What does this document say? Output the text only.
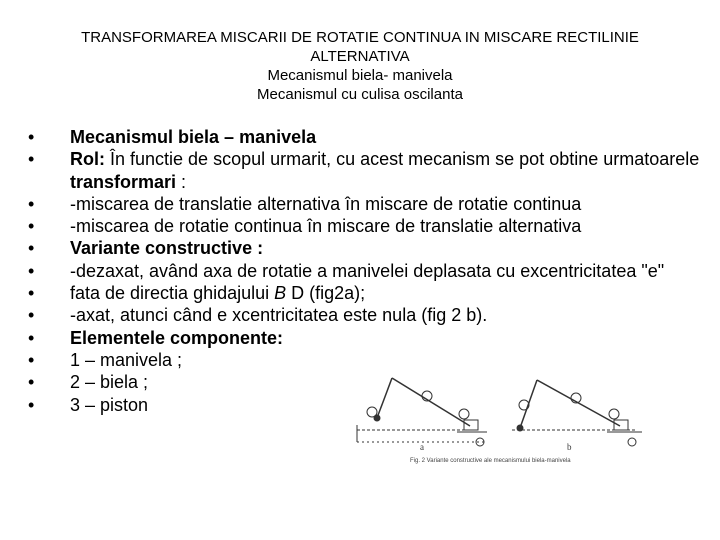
TRANSFORMAREA MISCARII DE ROTATIE CONTINUA IN MISCARE RECTILINIE
ALTERNATIVA
Mecanismul biela- manivela
Mecanismul cu culisa oscilanta
•	Mecanismul biela – manivela
•	Rol: În functie de scopul urmarit, cu acest mecanism se pot obtine urmatoarele transformari :
•	-miscarea de translatie alternativa în miscare de rotatie continua
•	-miscarea de rotatie continua în miscare de translatie alternativa
•	Variante constructive :
•	-dezaxat, având axa de rotatie a manivelei deplasata cu excentricitatea "e"
•	fata de directia ghidajului B D (fig2a);
•	-axat, atunci când e xcentricitatea este nula (fig 2 b).
•	Elementele componente:
•	1 – manivela ;
•	2 – biela ;
•	3 – piston
a	b
Fig. 2 Variante constructive ale mecanismului biela-manivela
